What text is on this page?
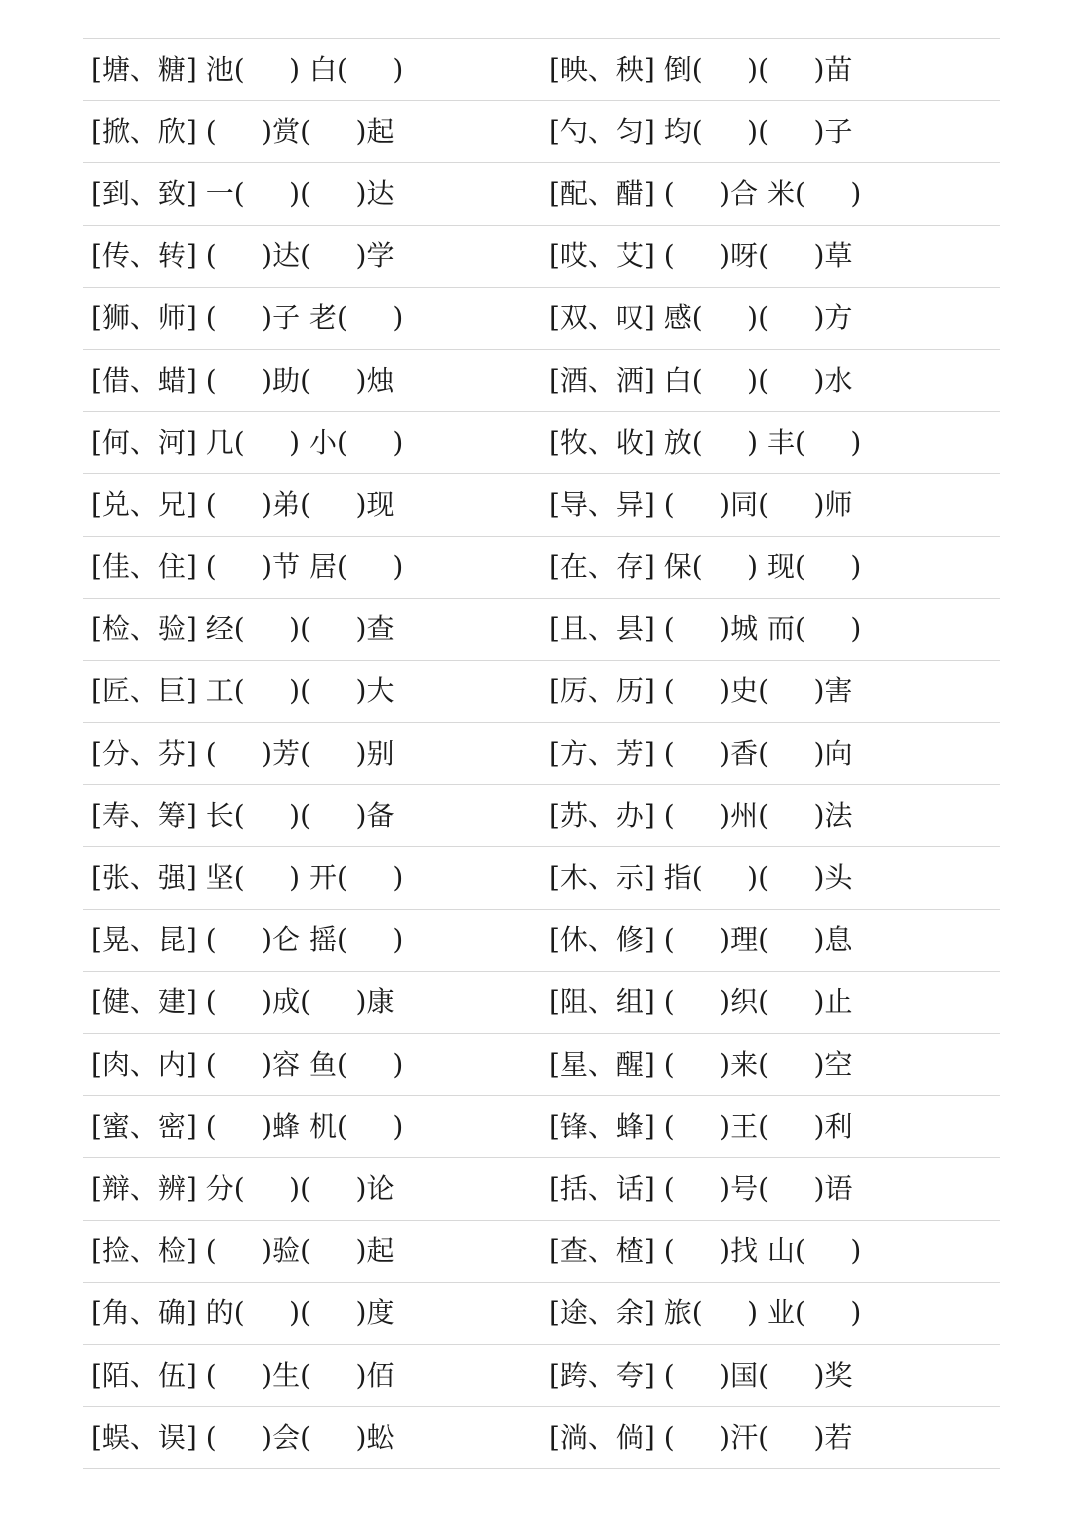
[塘、糖] 池(     ) 白(     )	[映、秧] 倒(     )(     )苗
[掀、欣] (     )赏(     )起	[勺、匀] 均(     )(     )子
[到、致] 一(     )(     )达	[配、醋] (     )合 米(     )
[传、转] (     )达(     )学	[哎、艾] (     )呀(     )草
[狮、师] (     )子 老(     )	[双、叹] 感(     )(     )方
[借、蜡] (     )助(     )烛	[酒、洒] 白(     )(     )水
[何、河] 几(     ) 小(     )	[牧、收] 放(     ) 丰(     )
[兑、兄] (     )弟(     )现	[导、异] (     )同(     )师
[佳、住] (     )节 居(     )	[在、存] 保(     ) 现(     )
[检、验] 经(     )(     )查	[且、县] (     )城 而(     )
[匠、巨] 工(     )(     )大	[厉、历] (     )史(     )害
[分、芬] (     )芳(     )别	[方、芳] (     )香(     )向
[寿、筹] 长(     )(     )备	[苏、办] (     )州(     )法
[张、强] 坚(     ) 开(     )	[木、示] 指(     )(     )头
[晃、昆] (     )仑 摇(     )	[休、修] (     )理(     )息
[健、建] (     )成(     )康	[阻、组] (     )织(     )止
[肉、内] (     )容 鱼(     )	[星、醒] (     )来(     )空
[蜜、密] (     )蜂 机(     )	[锋、蜂] (     )王(     )利
[辩、辨] 分(     )(     )论	[括、话] (     )号(     )语
[捡、检] (     )验(     )起	[查、楂] (     )找 山(     )
[角、确] 的(     )(     )度	[途、余] 旅(     ) 业(     )
[陌、伍] (     )生(     )佰	[跨、夸] (     )国(     )奖
[蜈、误] (     )会(     )蚣	[淌、倘] (     )汗(     )若
